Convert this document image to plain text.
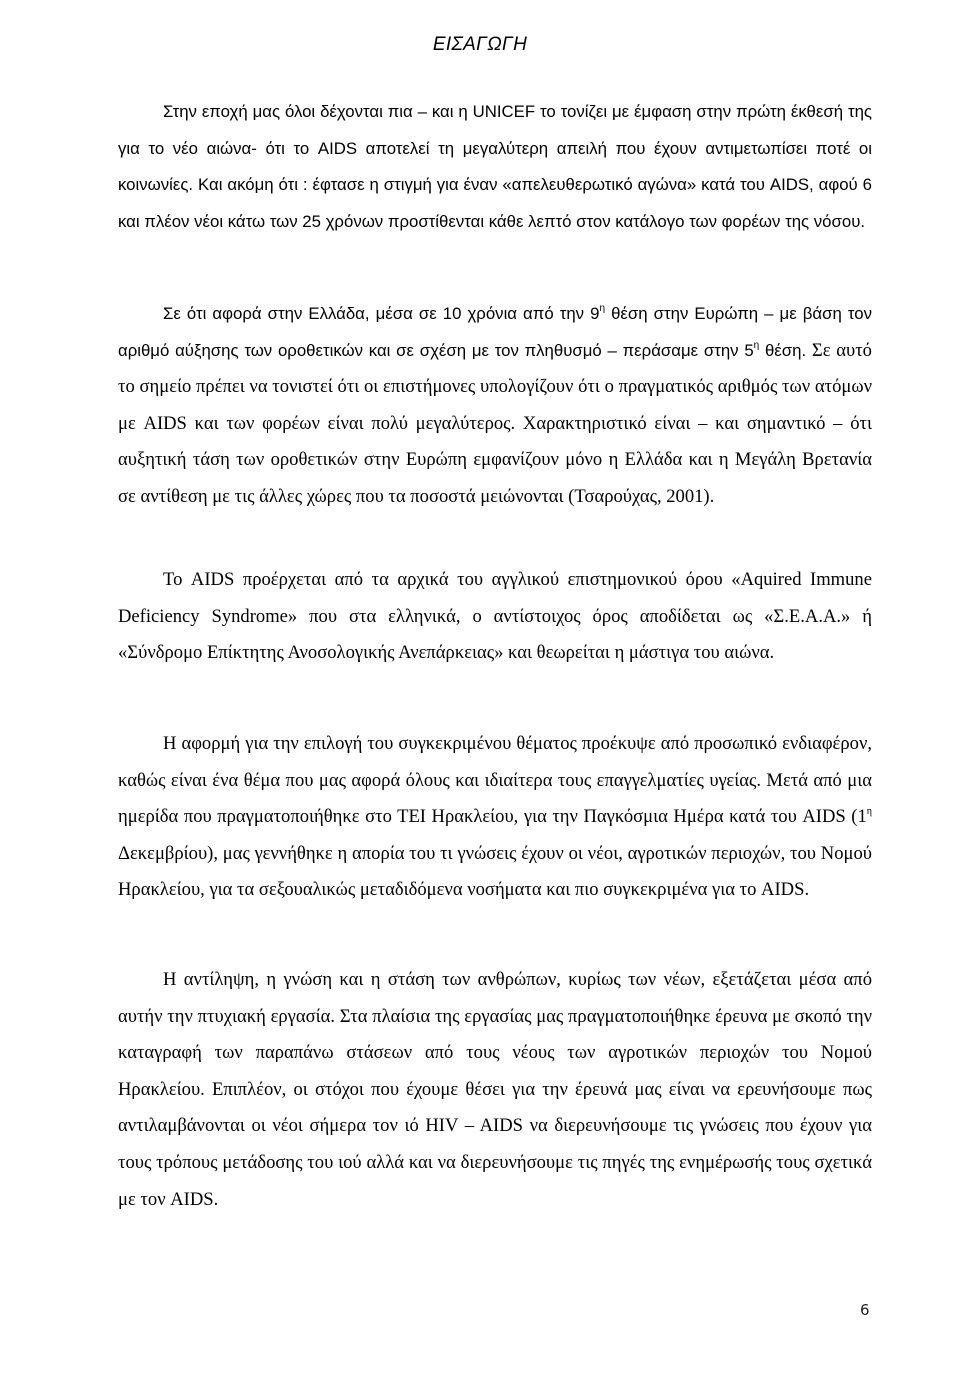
ΕΙΣΑΓΩΓΗ

Στην εποχή μας όλοι δέχονται πια – και η UNICEF το τονίζει με έμφαση στην πρώτη έκθεσή της για το νέο αιώνα- ότι το AIDS αποτελεί τη μεγαλύτερη απειλή που έχουν αντιμετωπίσει ποτέ οι κοινωνίες. Και ακόμη ότι : έφτασε η στιγμή για έναν «απελευθερωτικό αγώνα» κατά του AIDS, αφού 6 και πλέον νέοι κάτω των 25 χρόνων προστίθενται κάθε λεπτό στον κατάλογο των φορέων της νόσου.

Σε ότι αφορά στην Ελλάδα, μέσα σε 10 χρόνια από την $9^\eta$ θέση στην Ευρώπη – με βάση τον αριθμό αύξησης των οροθετικών και σε σχέση με τον πληθυσμό – περάσαμε στην $5^\eta$ θέση. Σε αυτό το σημείο πρέπει να τονιστεί ότι οι επιστήμονες υπολογίζουν ότι ο πραγματικός αριθμός των ατόμων με AIDS και των φορέων είναι πολύ μεγαλύτερος. Χαρακτηριστικό είναι – και σημαντικό – ότι αυξητική τάση των οροθετικών στην Ευρώπη εμφανίζουν μόνο η Ελλάδα και η Μεγάλη Βρετανία σε αντίθεση με τις άλλες χώρες που τα ποσοστά μειώνονται (Τσαρούχας, 2001).

Το AIDS προέρχεται από τα αρχικά του αγγλικού επιστημονικού όρου «Aquired Immune Deficiency Syndrome» που στα ελληνικά, ο αντίστοιχος όρος αποδίδεται ως «Σ.Ε.Α.Α.» ή «Σύνδρομο Επίκτητης Ανοσολογικής Ανεπάρκειας» και θεωρείται η μάστιγα του αιώνα.

Η αφορμή για την επιλογή του συγκεκριμένου θέματος προέκυψε από προσωπικό ενδιαφέρον, καθώς είναι ένα θέμα που μας αφορά όλους και ιδιαίτερα τους επαγγελματίες υγείας. Μετά από μια ημερίδα που πραγματοποιήθηκε στο ΤΕΙ Ηρακλείου, για την Παγκόσμια Ημέρα κατά του AIDS ($1^\eta$ Δεκεμβρίου), μας γεννήθηκε η απορία του τι γνώσεις έχουν οι νέοι, αγροτικών περιοχών, του Νομού Ηρακλείου, για τα σεξουαλικώς μεταδιδόμενα νοσήματα και πιο συγκεκριμένα για το AIDS.

Η αντίληψη, η γνώση και η στάση των ανθρώπων, κυρίως των νέων, εξετάζεται μέσα από αυτήν την πτυχιακή εργασία. Στα πλαίσια της εργασίας μας πραγματοποιήθηκε έρευνα με σκοπό την καταγραφή των παραπάνω στάσεων από τους νέους των αγροτικών περιοχών του Νομού Ηρακλείου. Επιπλέον, οι στόχοι που έχουμε θέσει για την έρευνά μας είναι να ερευνήσουμε πως αντιλαμβάνονται οι νέοι σήμερα τον ιό HIV – AIDS να διερευνήσουμε τις γνώσεις που έχουν για τους τρόπους μετάδοσης του ιού αλλά και να διερευνήσουμε τις πηγές της ενημέρωσής τους σχετικά με τον AIDS.

6
